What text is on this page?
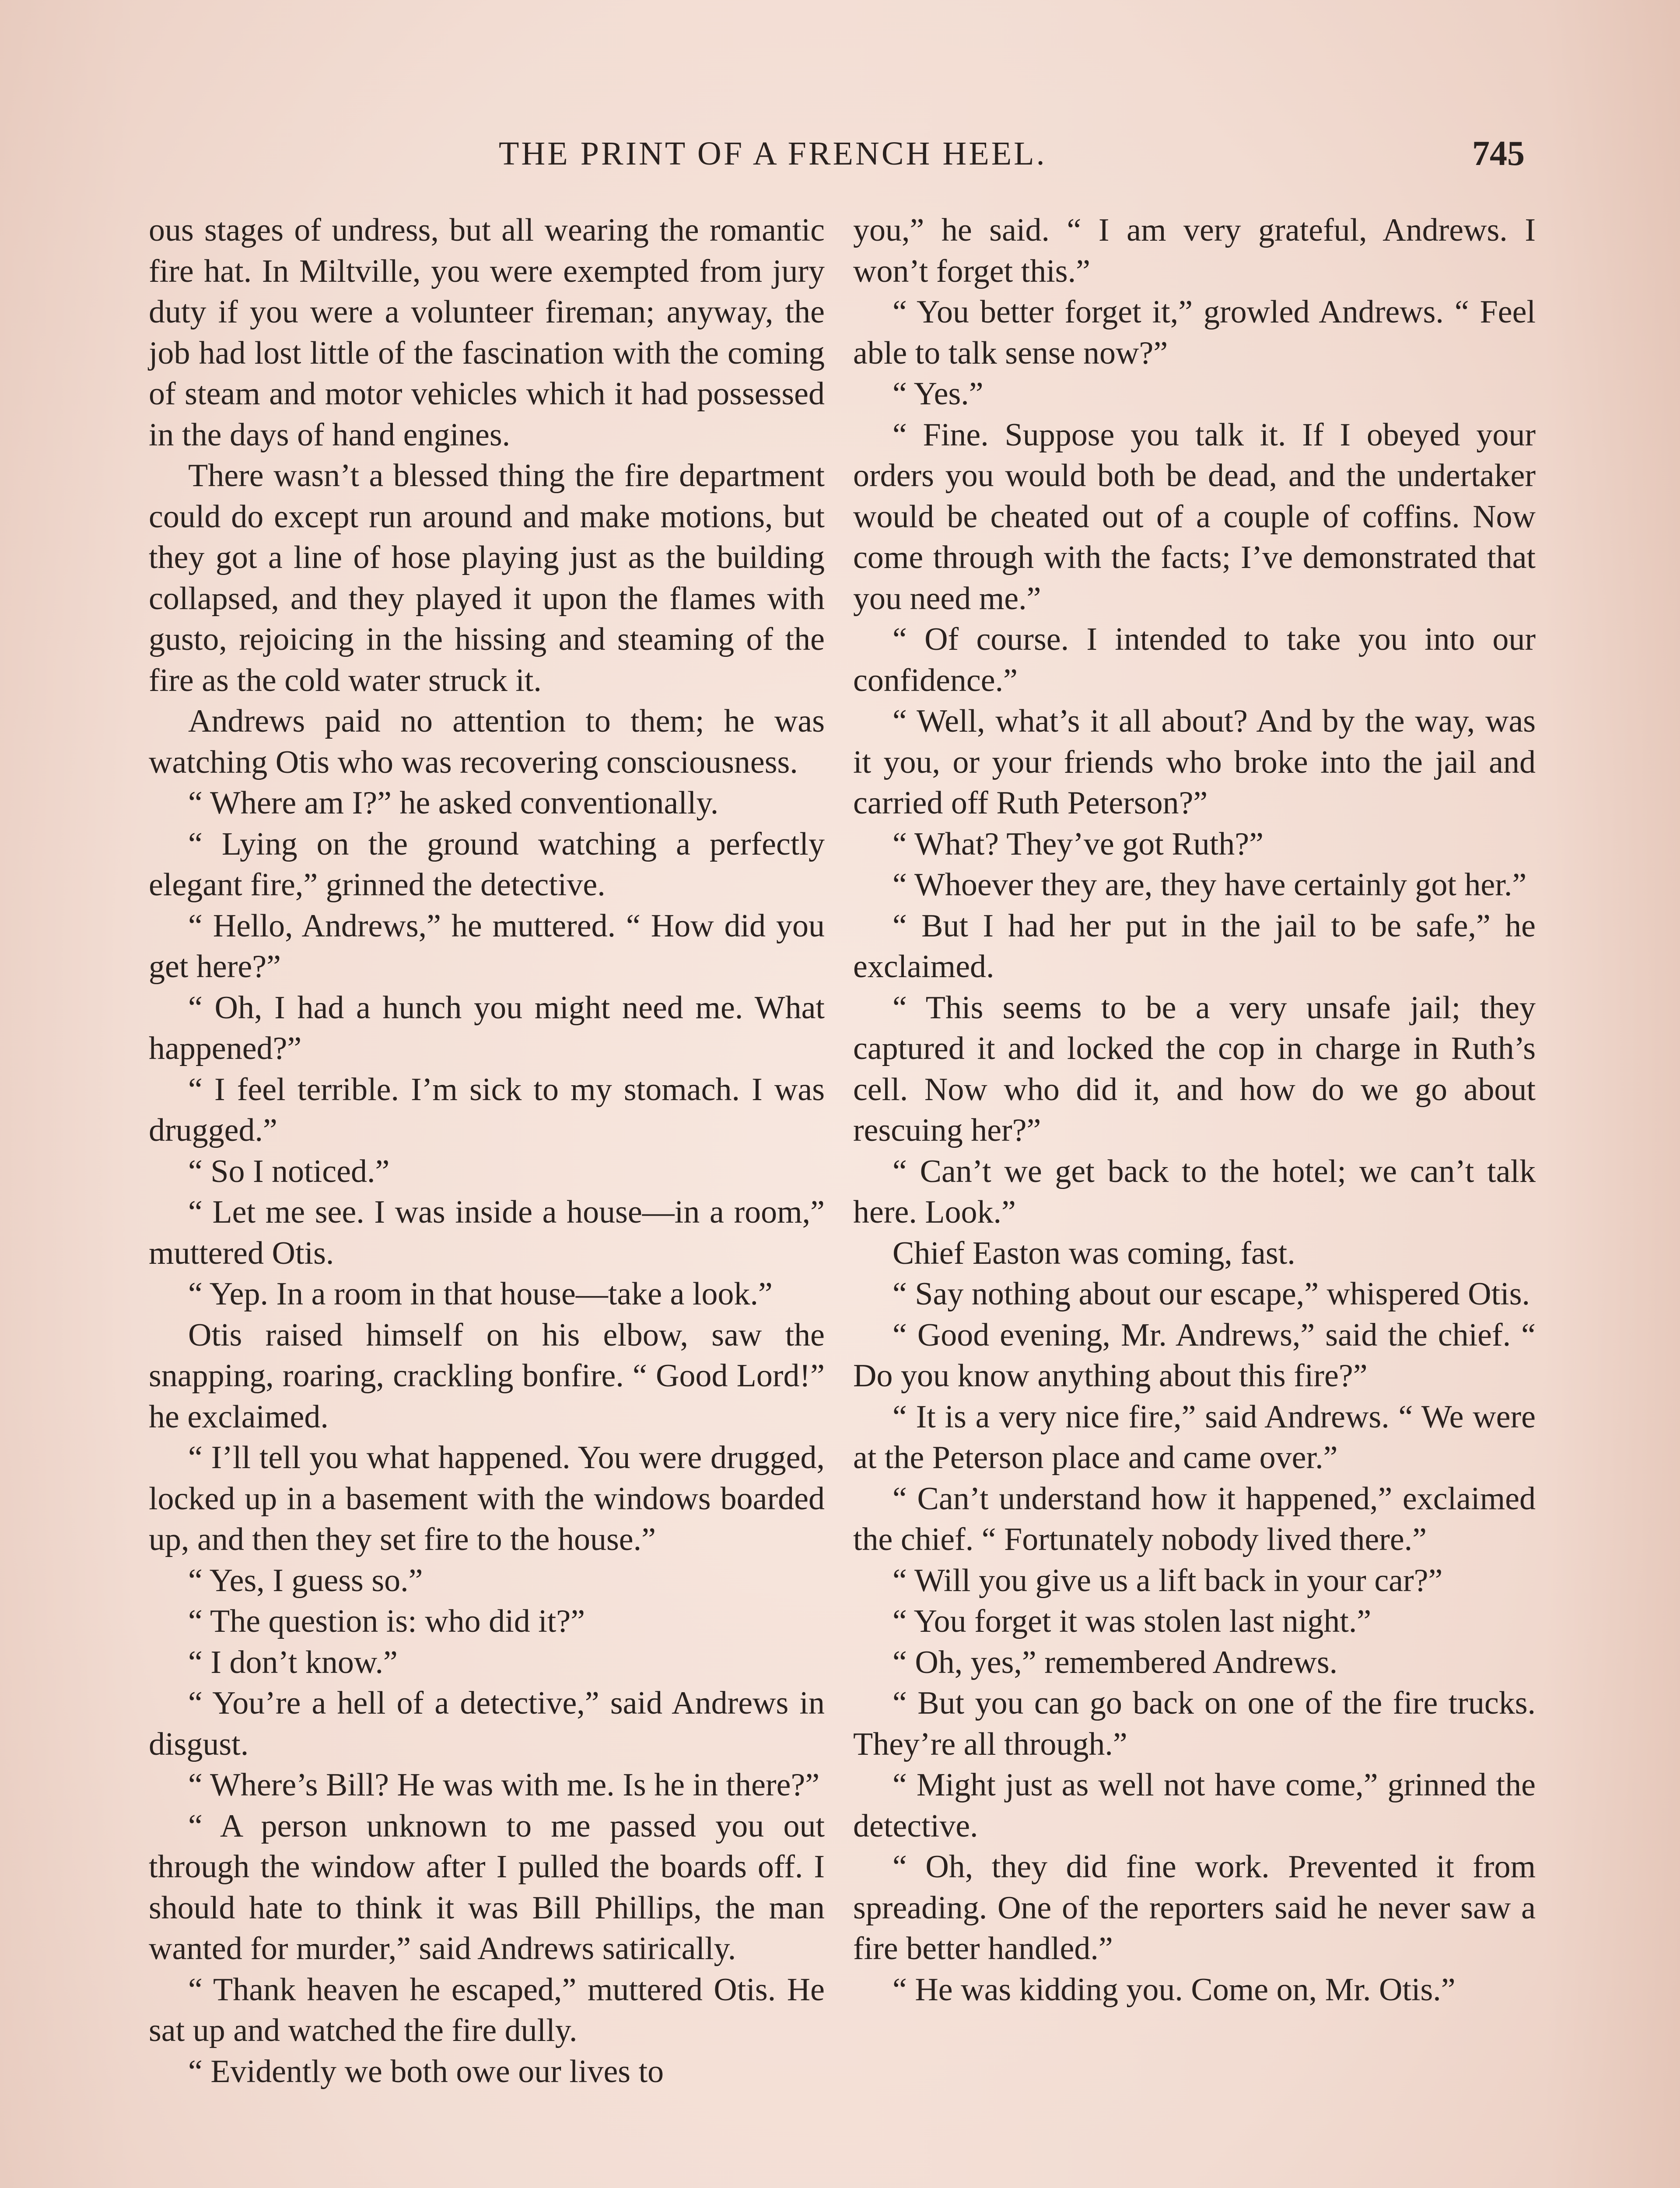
THE PRINT OF A FRENCH HEEL.	745

ous stages of undress, but all wearing the romantic fire hat. In Miltville, you were exempted from jury duty if you were a volunteer fireman; anyway, the job had lost little of the fascination with the coming of steam and motor vehicles which it had possessed in the days of hand engines.

There wasn’t a blessed thing the fire department could do except run around and make motions, but they got a line of hose playing just as the building collapsed, and they played it upon the flames with gusto, rejoicing in the hissing and steaming of the fire as the cold water struck it.

Andrews paid no attention to them; he was watching Otis who was recovering consciousness.

“ Where am I?” he asked conventionally.

“ Lying on the ground watching a perfectly elegant fire,” grinned the detective.

“ Hello, Andrews,” he muttered. “ How did you get here?”

“ Oh, I had a hunch you might need me. What happened?”

“ I feel terrible. I’m sick to my stomach. I was drugged.”

“ So I noticed.”

“ Let me see. I was inside a house—in a room,” muttered Otis.

“ Yep. In a room in that house—take a look.”

Otis raised himself on his elbow, saw the snapping, roaring, crackling bonfire. “ Good Lord!” he exclaimed.

“ I’ll tell you what happened. You were drugged, locked up in a basement with the windows boarded up, and then they set fire to the house.”

“ Yes, I guess so.”

“ The question is: who did it?”

“ I don’t know.”

“ You’re a hell of a detective,” said Andrews in disgust.

“ Where’s Bill? He was with me. Is he in there?”

“ A person unknown to me passed you out through the window after I pulled the boards off. I should hate to think it was Bill Phillips, the man wanted for murder,” said Andrews satirically.

“ Thank heaven he escaped,” muttered Otis. He sat up and watched the fire dully.

“ Evidently we both owe our lives to

you,” he said. “ I am very grateful, Andrews. I won’t forget this.”

“ You better forget it,” growled Andrews. “ Feel able to talk sense now?”

“ Yes.”

“ Fine. Suppose you talk it. If I obeyed your orders you would both be dead, and the undertaker would be cheated out of a couple of coffins. Now come through with the facts; I’ve demonstrated that you need me.”

“ Of course. I intended to take you into our confidence.”

“ Well, what’s it all about? And by the way, was it you, or your friends who broke into the jail and carried off Ruth Peterson?”

“ What? They’ve got Ruth?”

“ Whoever they are, they have certainly got her.”

“ But I had her put in the jail to be safe,” he exclaimed.

“ This seems to be a very unsafe jail; they captured it and locked the cop in charge in Ruth’s cell. Now who did it, and how do we go about rescuing her?”

“ Can’t we get back to the hotel; we can’t talk here. Look.”

Chief Easton was coming, fast.

“ Say nothing about our escape,” whispered Otis.

“ Good evening, Mr. Andrews,” said the chief. “ Do you know anything about this fire?”

“ It is a very nice fire,” said Andrews. “ We were at the Peterson place and came over.”

“ Can’t understand how it happened,” exclaimed the chief. “ Fortunately nobody lived there.”

“ Will you give us a lift back in your car?”

“ You forget it was stolen last night.”

“ Oh, yes,” remembered Andrews.

“ But you can go back on one of the fire trucks. They’re all through.”

“ Might just as well not have come,” grinned the detective.

“ Oh, they did fine work. Prevented it from spreading. One of the reporters said he never saw a fire better handled.”

“ He was kidding you. Come on, Mr. Otis.”
